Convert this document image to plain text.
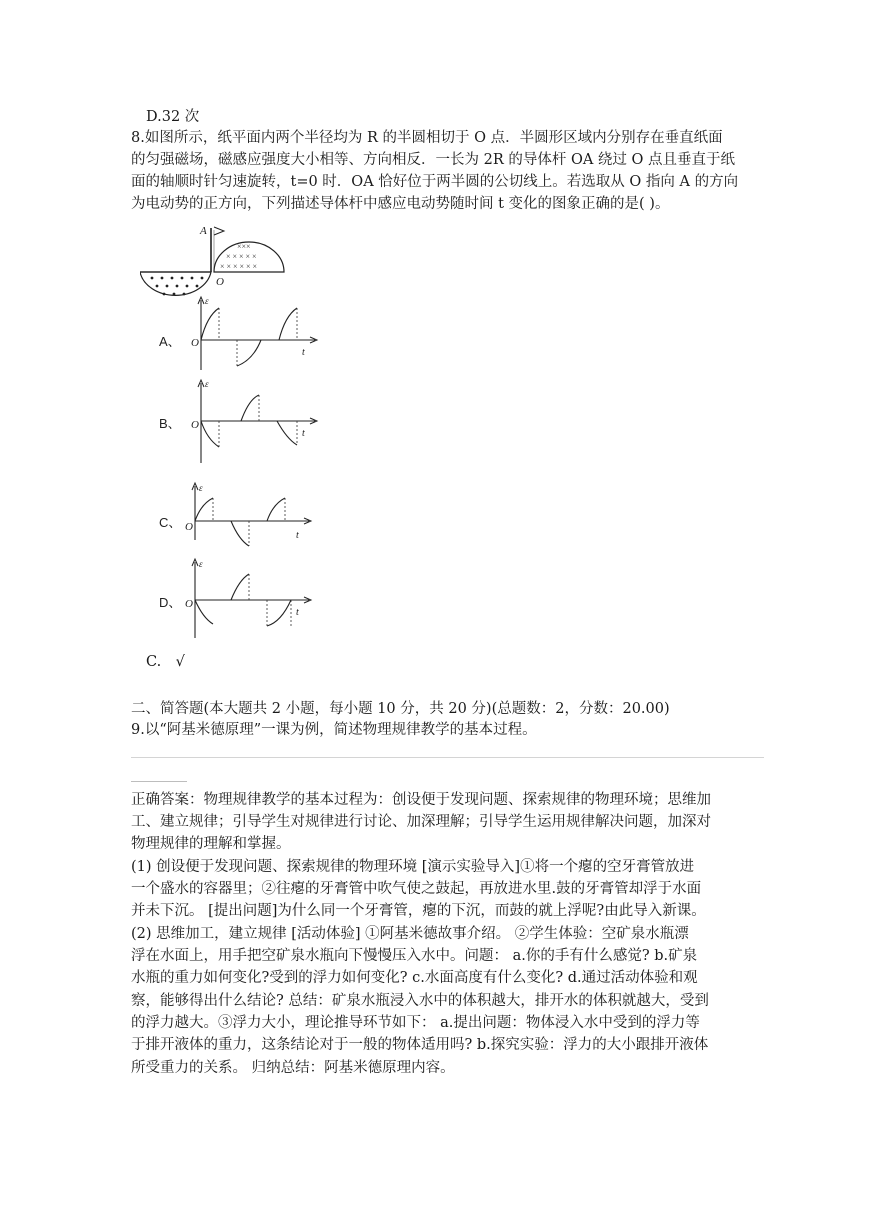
D.32 次
8.如图所示，纸平面内两个半径均为 R 的半圆相切于 O 点．半圆形区域内分别存在垂直纸面
的匀强磁场，磁感应强度大小相等、方向相反．一长为 2R 的导体杆 OA 绕过 O 点且垂直于纸
面的轴顺时针匀速旋转，t=0 时．OA 恰好位于两半圆的公切线上。若选取从 O 指向 A 的方向
为电动势的正方向，下列描述导体杆中感应电动势随时间 t 变化的图象正确的是( )。
A
×××
× × × × ×
× × × × × ×
O
A、
ε
t
O
B、
ε
t
O
C、
ε
t
O
D、
ε
t
O
C.　√
二、简答题(本大题共 2 小题，每小题 10 分，共 20 分)(总题数：2，分数：20.00)
9.以“阿基米德原理”一课为例，简述物理规律教学的基本过程。
正确答案：物理规律教学的基本过程为：创设便于发现问题、探索规律的物理环境；思维加
工、建立规律；引导学生对规律进行讨论、加深理解；引导学生运用规律解决问题，加深对
物理规律的理解和掌握。
(1) 创设便于发现问题、探索规律的物理环境 [演示实验导入]①将一个瘪的空牙膏管放进
一个盛水的容器里；②往瘪的牙膏管中吹气使之鼓起，再放进水里.鼓的牙膏管却浮于水面
并未下沉。 [提出问题]为什么同一个牙膏管，瘪的下沉，而鼓的就上浮呢?由此导入新课。
(2) 思维加工，建立规律 [活动体验] ①阿基米德故事介绍。 ②学生体验：空矿泉水瓶漂
浮在水面上，用手把空矿泉水瓶向下慢慢压入水中。问题： a.你的手有什么感觉? b.矿泉
水瓶的重力如何变化?受到的浮力如何变化? c.水面高度有什么变化? d.通过活动体验和观
察，能够得出什么结论? 总结：矿泉水瓶浸入水中的体积越大，排开水的体积就越大，受到
的浮力越大。③浮力大小，理论推导环节如下： a.提出问题：物体浸入水中受到的浮力等
于排开液体的重力，这条结论对于一般的物体适用吗? b.探究实验：浮力的大小跟排开液体
所受重力的关系。 归纳总结：阿基米德原理内容。
